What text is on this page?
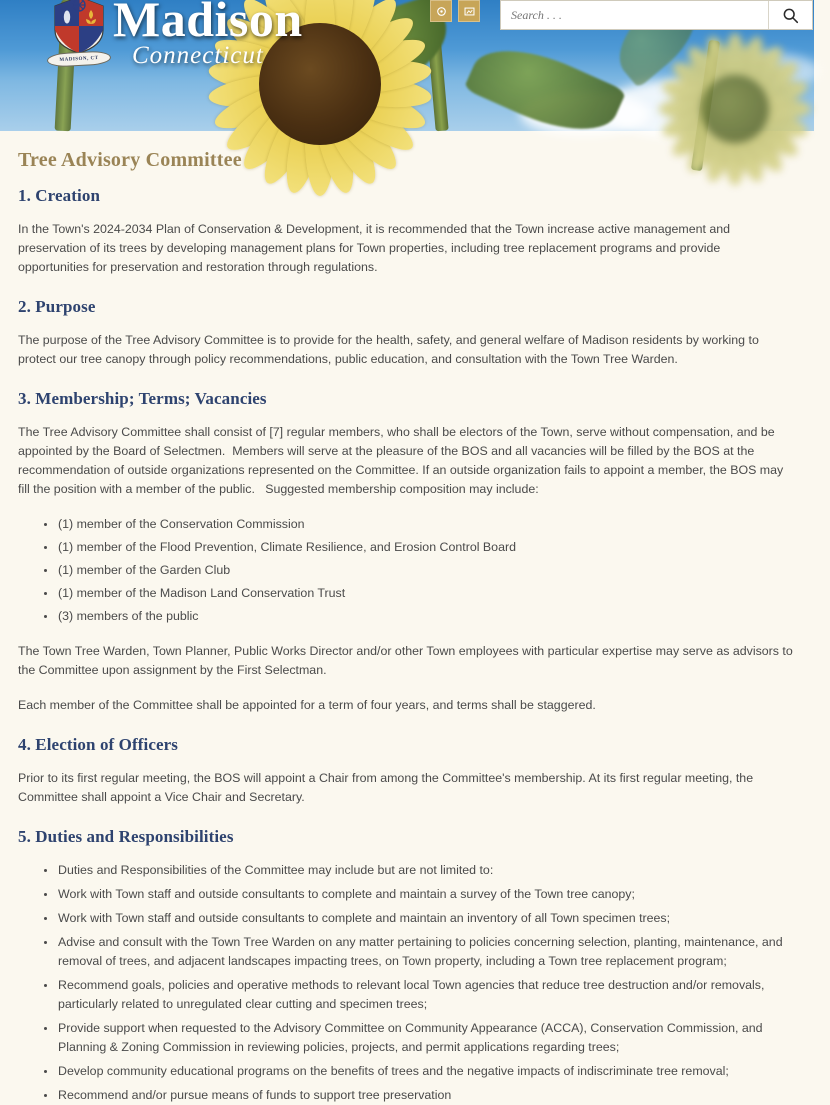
MADISON, CT
Madison
Connecticut
Search . . .
Tree Advisory Committee
1. Creation

In the Town's 2024-2034 Plan of Conservation & Development, it is recommended that the Town increase active management and preservation of its trees by developing management plans for Town properties, including tree replacement programs and provide opportunities for preservation and restoration through regulations.

2. Purpose

The purpose of the Tree Advisory Committee is to provide for the health, safety, and general welfare of Madison residents by working to protect our tree canopy through policy recommendations, public education, and consultation with the Town Tree Warden.

3. Membership; Terms; Vacancies

The Tree Advisory Committee shall consist of [7] regular members, who shall be electors of the Town, serve without compensation, and be appointed by the Board of Selectmen.  Members will serve at the pleasure of the BOS and all vacancies will be filled by the BOS at the recommendation of outside organizations represented on the Committee. If an outside organization fails to appoint a member, the BOS may fill the position with a member of the public.   Suggested membership composition may include:

(1) member of the Conservation Commission
(1) member of the Flood Prevention, Climate Resilience, and Erosion Control Board
(1) member of the Garden Club
(1) member of the Madison Land Conservation Trust
(3) members of the public

The Town Tree Warden, Town Planner, Public Works Director and/or other Town employees with particular expertise may serve as advisors to the Committee upon assignment by the First Selectman.

Each member of the Committee shall be appointed for a term of four years, and terms shall be staggered.

4. Election of Officers

Prior to its first regular meeting, the BOS will appoint a Chair from among the Committee's membership. At its first regular meeting, the Committee shall appoint a Vice Chair and Secretary.

5. Duties and Responsibilities
Duties and Responsibilities of the Committee may include but are not limited to:
Work with Town staff and outside consultants to complete and maintain a survey of the Town tree canopy;
Work with Town staff and outside consultants to complete and maintain an inventory of all Town specimen trees;
Advise and consult with the Town Tree Warden on any matter pertaining to policies concerning selection, planting, maintenance, and removal of trees, and adjacent landscapes impacting trees, on Town property, including a Town tree replacement program;
Recommend goals, policies and operative methods to relevant local Town agencies that reduce tree destruction and/or removals, particularly related to unregulated clear cutting and specimen trees;
Provide support when requested to the Advisory Committee on Community Appearance (ACCA), Conservation Commission, and Planning & Zoning Commission in reviewing policies, projects, and permit applications regarding trees;
Develop community educational programs on the benefits of trees and the negative impacts of indiscriminate tree removal;
Recommend and/or pursue means of funds to support tree preservation
